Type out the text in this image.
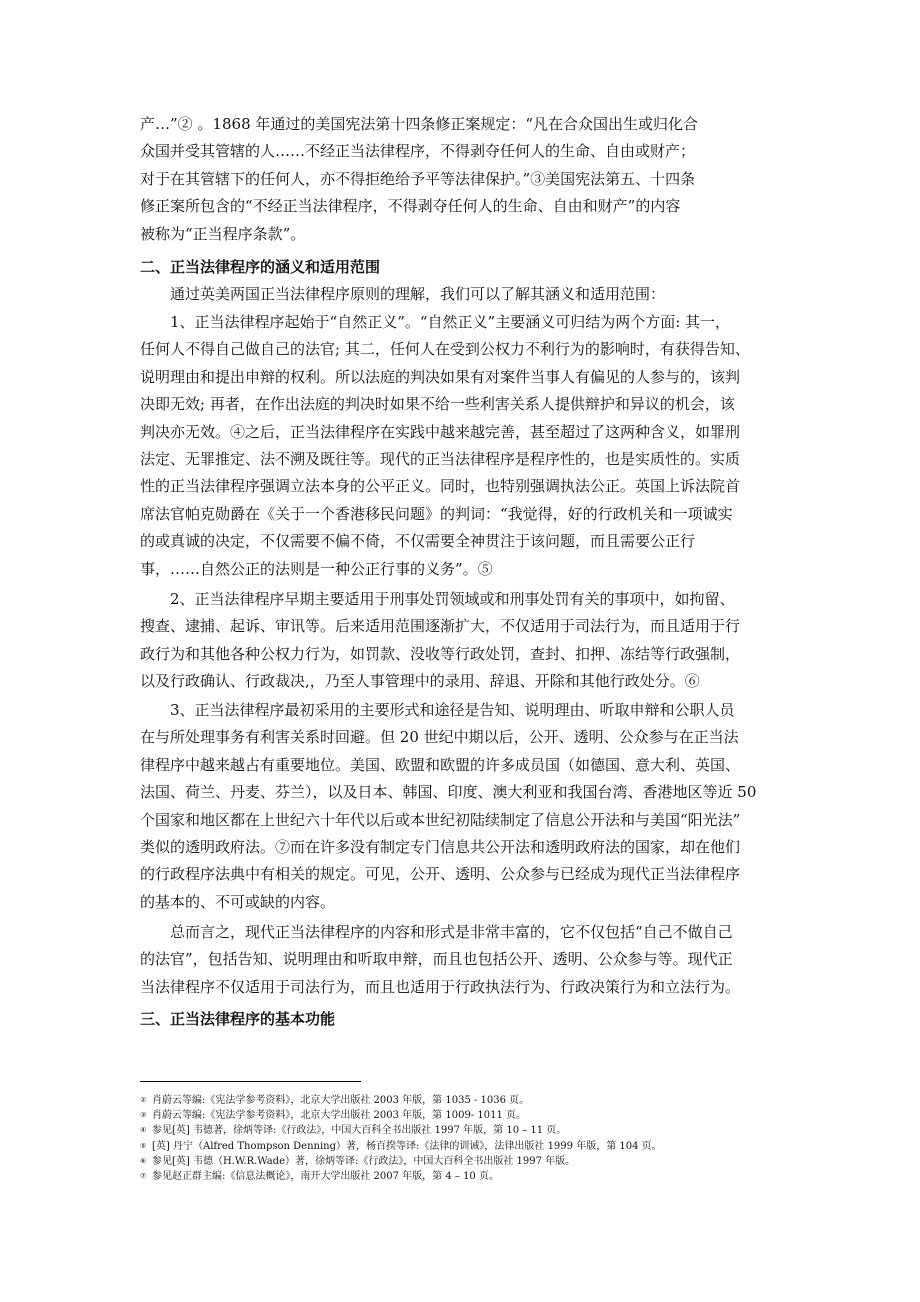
产…”② 。1868 年通过的美国宪法第十四条修正案规定：“凡在合众国出生或归化合
众国并受其管辖的人……不经正当法律程序，不得剥夺任何人的生命、自由或财产；
对于在其管辖下的任何人，亦不得拒绝给予平等法律保护。”③美国宪法第五、十四条
修正案所包含的“不经正当法律程序，不得剥夺任何人的生命、自由和财产”的内容
被称为“正当程序条款”。
二、正当法律程序的涵义和适用范围
通过英美两国正当法律程序原则的理解，我们可以了解其涵义和适用范围：
1、正当法律程序起始于“自然正义”。“自然正义”主要涵义可归结为两个方面: 其一，
任何人不得自己做自己的法官; 其二，任何人在受到公权力不利行为的影响时，有获得告知、
说明理由和提出申辩的权利。所以法庭的判决如果有对案件当事人有偏见的人参与的，该判
决即无效; 再者，在作出法庭的判决时如果不给一些利害关系人提供辩护和异议的机会，该
判决亦无效。④之后，正当法律程序在实践中越来越完善，甚至超过了这两种含义，如罪刑
法定、无罪推定、法不溯及既往等。现代的正当法律程序是程序性的，也是实质性的。实质
性的正当法律程序强调立法本身的公平正义。同时，也特别强调执法公正。英国上诉法院首
席法官帕克勋爵在《关于一个香港移民问题》的判词：“我觉得，好的行政机关和一项诚实
的或真诚的决定，不仅需要不偏不倚，不仅需要全神贯注于该问题，而且需要公正行
事，……自然公正的法则是一种公正行事的义务”。⑤
2、正当法律程序早期主要适用于刑事处罚领域或和刑事处罚有关的事项中，如拘留、
搜查、逮捕、起诉、审讯等。后来适用范围逐渐扩大，不仅适用于司法行为，而且适用于行
政行为和其他各种公权力行为，如罚款、没收等行政处罚，查封、扣押、冻结等行政强制，
以及行政确认、行政裁决,，乃至人事管理中的录用、辞退、开除和其他行政处分。⑥
3、正当法律程序最初采用的主要形式和途径是告知、说明理由、听取申辩和公职人员
在与所处理事务有利害关系时回避。但 20 世纪中期以后，公开、透明、公众参与在正当法
律程序中越来越占有重要地位。美国、欧盟和欧盟的许多成员国（如德国、意大利、英国、
法国、荷兰、丹麦、芬兰），以及日本、韩国、印度、澳大利亚和我国台湾、香港地区等近 50
个国家和地区都在上世纪六十年代以后或本世纪初陆续制定了信息公开法和与美国“阳光法”
类似的透明政府法。⑦而在许多没有制定专门信息共公开法和透明政府法的国家，却在他们
的行政程序法典中有相关的规定。可见，公开、透明、公众参与已经成为现代正当法律程序
的基本的、不可或缺的内容。
总而言之，现代正当法律程序的内容和形式是非常丰富的，它不仅包括“自己不做自己
的法官”，包括告知、说明理由和听取申辩，而且也包括公开、透明、公众参与等。现代正
当法律程序不仅适用于司法行为，而且也适用于行政执法行为、行政决策行为和立法行为。
三、正当法律程序的基本功能
② 肖蔚云等编:《宪法学参考资料》，北京大学出版社 2003 年版，第 1035 - 1036 页。
③ 肖蔚云等编:《宪法学参考资料》，北京大学出版社 2003 年版，第 1009- 1011 页。
④ 参见[英] 韦德著，徐炳等译:《行政法》，中国大百科全书出版社 1997 年版，第 10 – 11 页。
⑤ [英] 丹宁（Alfred Thompson Denning）著，杨百揆等译:《法律的训诫》，法律出版社 1999 年版，第 104 页。
⑥ 参见[英] 韦德（H.W.R.Wade）著，徐炳等译:《行政法》，中国大百科全书出版社 1997 年版。
⑦ 参见赵正群主编:《信息法概论》，南开大学出版社 2007 年版，第 4 – 10 页。
